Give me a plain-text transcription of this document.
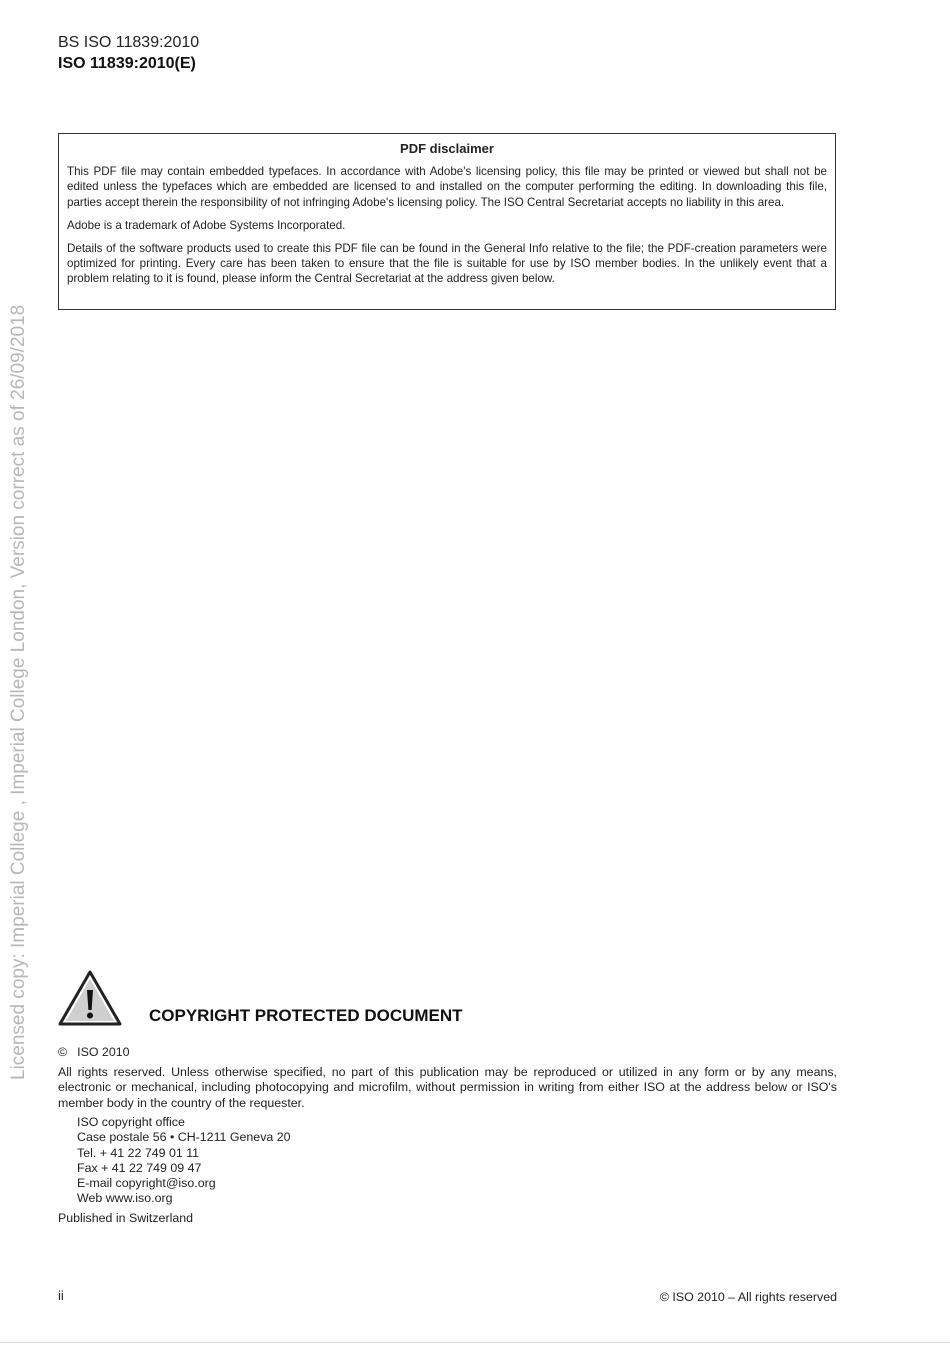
BS ISO 11839:2010
ISO 11839:2010(E)
PDF disclaimer

This PDF file may contain embedded typefaces. In accordance with Adobe's licensing policy, this file may be printed or viewed but shall not be edited unless the typefaces which are embedded are licensed to and installed on the computer performing the editing. In downloading this file, parties accept therein the responsibility of not infringing Adobe's licensing policy. The ISO Central Secretariat accepts no liability in this area.

Adobe is a trademark of Adobe Systems Incorporated.

Details of the software products used to create this PDF file can be found in the General Info relative to the file; the PDF-creation parameters were optimized for printing. Every care has been taken to ensure that the file is suitable for use by ISO member bodies. In the unlikely event that a problem relating to it is found, please inform the Central Secretariat at the address given below.

Licensed copy: Imperial College , Imperial College London, Version correct as of 26/09/2018	COPYRIGHT PROTECTED DOCUMENT
© ISO 2010
All rights reserved. Unless otherwise specified, no part of this publication may be reproduced or utilized in any form or by any means, electronic or mechanical, including photocopying and microfilm, without permission in writing from either ISO at the address below or ISO's member body in the country of the requester.
ISO copyright office
Case postale 56 • CH-1211 Geneva 20
Tel. + 41 22 749 01 11
Fax + 41 22 749 09 47
E-mail copyright@iso.org
Web www.iso.org
Published in Switzerland
ii	© ISO 2010 – All rights reserved
